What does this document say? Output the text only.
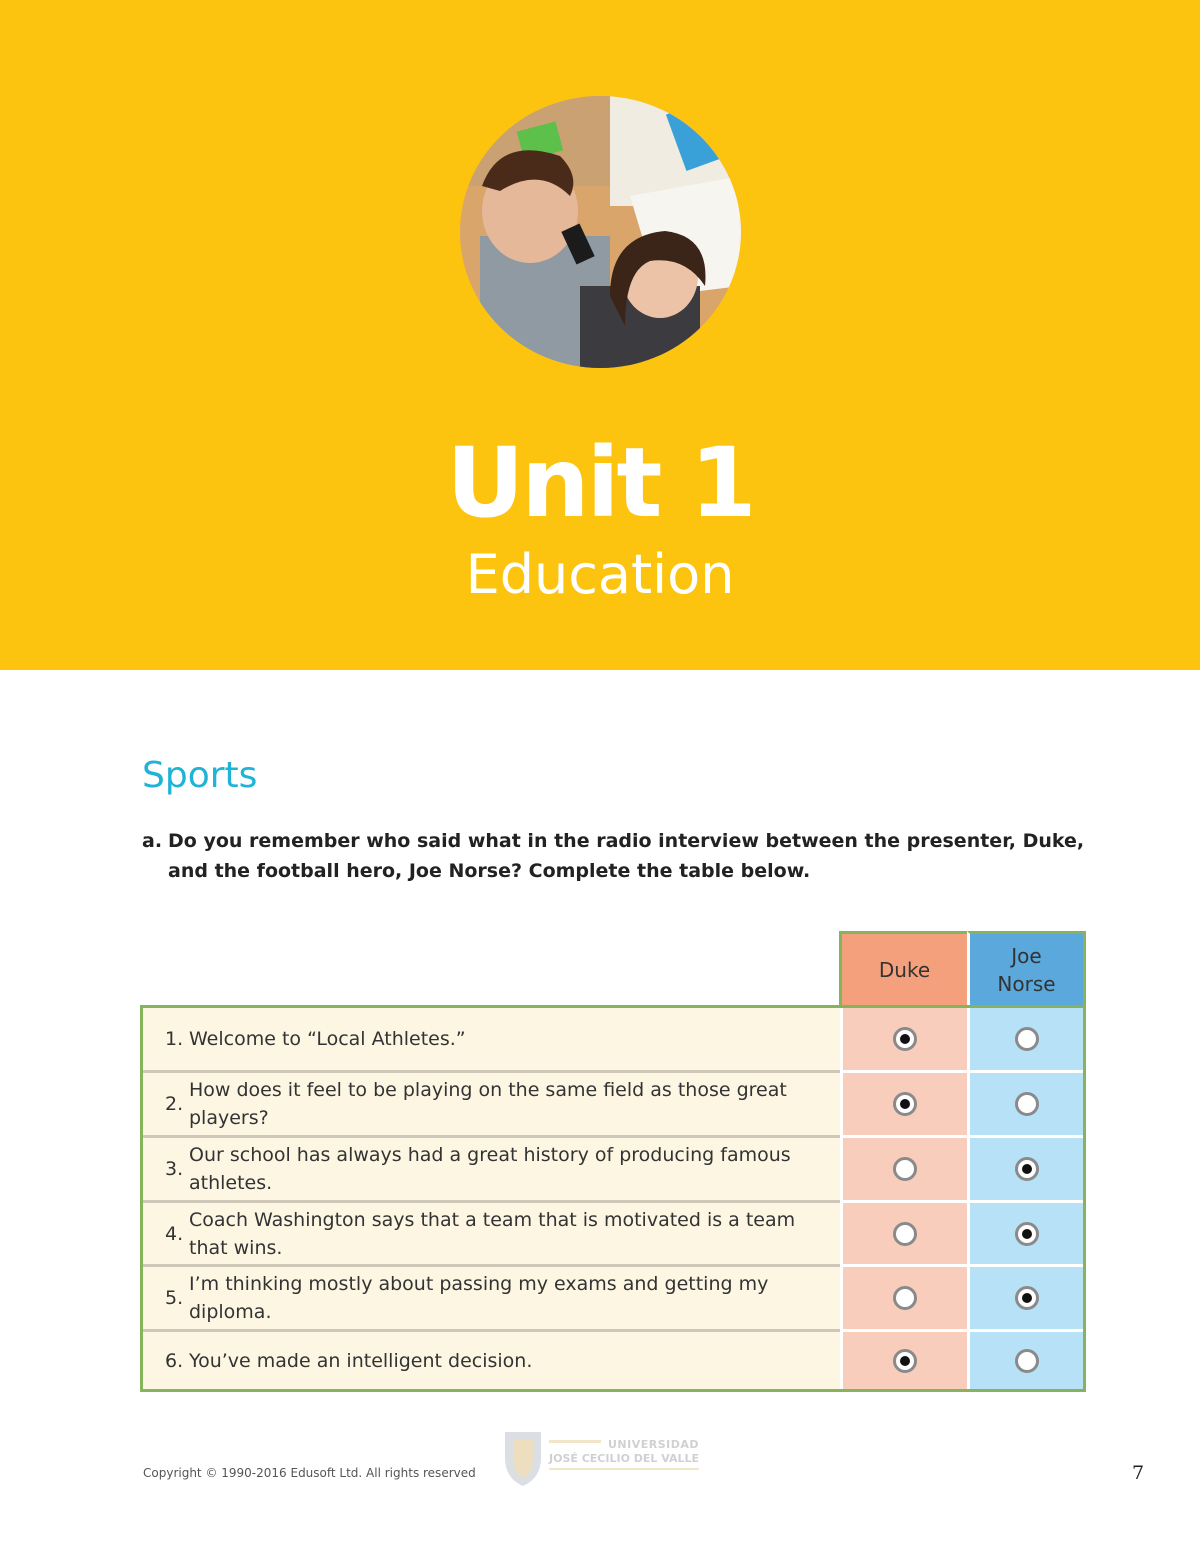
Unit 1
Education
Sports
a. Do you remember who said what in the radio interview between the presenter, Duke, and the football hero, Joe Norse? Complete the table below.
Duke
Joe Norse
1. Welcome to “Local Athletes.”
2.
How does it feel to be playing on the same field as those great players?
3.
Our school has always had a great history of producing famous athletes.
4.
Coach Washington says that a team that is motivated is a team that wins.
5.
I’m thinking mostly about passing my exams and getting my diploma.
6. You’ve made an intelligent decision.
Copyright © 1990-2016 Edusoft Ltd. All rights reserved
UNIVERSIDAD
JOSÉ CECILIO DEL VALLE
7
